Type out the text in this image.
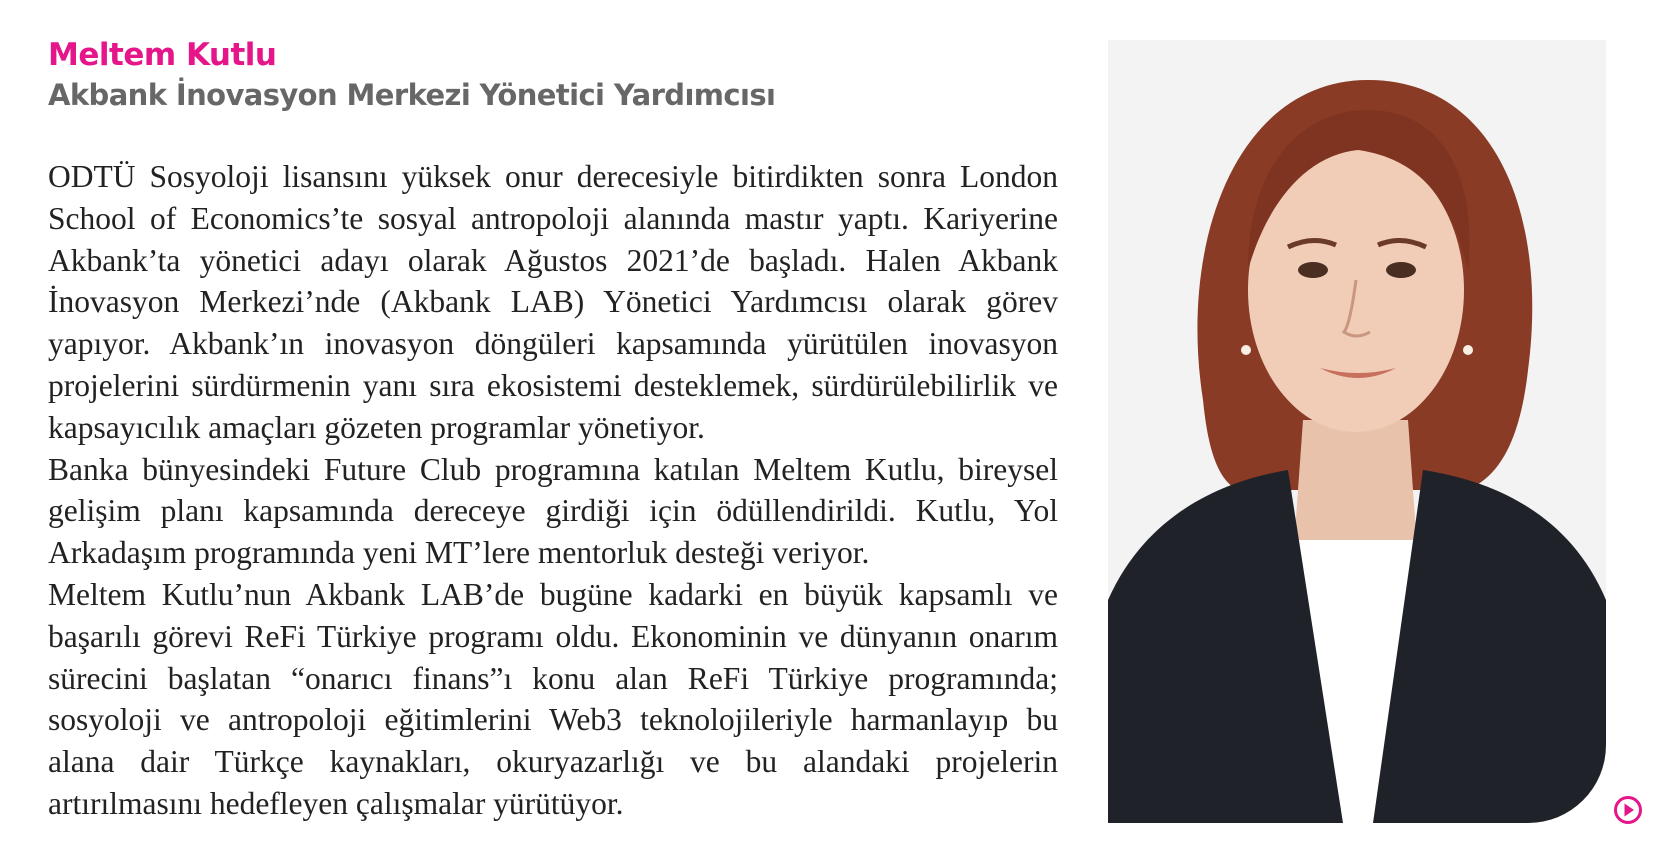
Meltem Kutlu
Akbank İnovasyon Merkezi Yönetici Yardımcısı

ODTÜ Sosyoloji lisansını yüksek onur derecesiyle bitirdikten sonra London School of Economics’te sosyal antropoloji alanında mastır yaptı. Kariyerine Akbank’ta yönetici adayı olarak Ağustos 2021’de başladı. Halen Akbank İnovasyon Merkezi’nde (Akbank LAB) Yönetici Yardımcısı olarak görev yapıyor. Akbank’ın inovasyon döngüleri kapsamında yürütülen inovasyon projelerini sürdürmenin yanı sıra ekosistemi desteklemek, sürdürülebilirlik ve kapsayıcılık amaçları gözeten programlar yönetiyor.

Banka bünyesindeki Future Club programına katılan Meltem Kutlu, bireysel gelişim planı kapsamında dereceye girdiği için ödüllendirildi. Kutlu, Yol Arkadaşım programında yeni MT’lere mentorluk desteği veriyor.

Meltem Kutlu’nun Akbank LAB’de bugüne kadarki en büyük kapsamlı ve başarılı görevi ReFi Türkiye programı oldu. Ekonominin ve dünyanın onarım sürecini başlatan “onarıcı finans”ı konu alan ReFi Türkiye programında; sosyoloji ve antropoloji eğitimlerini Web3 teknolojileriyle harmanlayıp bu alana dair Türkçe kaynakları, okuryazarlığı ve bu alandaki projelerin artırılmasını hedefleyen çalışmalar yürütüyor.
